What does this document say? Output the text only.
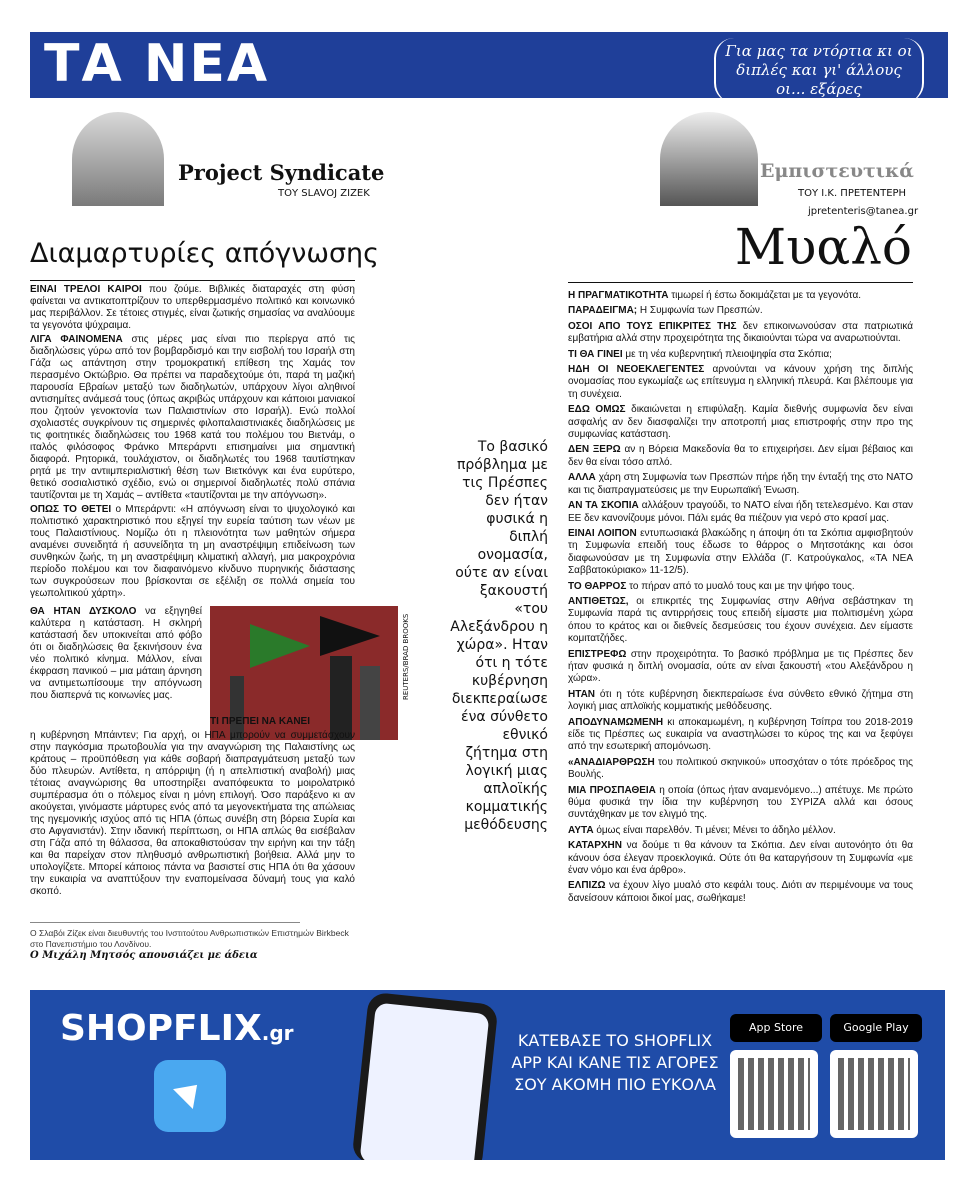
ΤΑ ΝΕΑ	Για μας τα ντόρτια κι οι διπλές και γι' άλλους οι... εξάρες
Project Syndicate
ΤΟΥ SLAVOJ ZIZEK
Διαμαρτυρίες απόγνωσης

ΕΙΝΑΙ ΤΡΕΛΟΙ ΚΑΙΡΟΙ που ζούμε. Βιβλικές διαταραχές στη φύση φαίνεται να αντικατοπτρίζουν το υπερθερμασμένο πολιτικό και κοινωνικό μας περιβάλλον. Σε τέτοιες στιγμές, είναι ζωτικής σημασίας να αναλύουμε τα γεγονότα ψύχραιμα.

ΛΙΓΑ ΦΑΙΝΟΜΕΝΑ στις μέρες μας είναι πιο περίεργα από τις διαδηλώσεις γύρω από τον βομβαρδισμό και την εισβολή του Ισραήλ στη Γάζα ως απάντηση στην τρομοκρατική επίθεση της Χαμάς τον περασμένο Οκτώβριο. Θα πρέπει να παραδεχτούμε ότι, παρά τη μαζική παρουσία Εβραίων μεταξύ των διαδηλωτών, υπάρχουν λίγοι αληθινοί αντισημίτες ανάμεσά τους (όπως ακριβώς υπάρχουν και κάποιοι μανιακοί που ζητούν γενοκτονία των Παλαιστινίων στο Ισραήλ). Ενώ πολλοί σχολιαστές συγκρίνουν τις σημερινές φιλοπαλαιστινιακές διαδηλώσεις με τις φοιτητικές διαδηλώσεις του 1968 κατά του πολέμου του Βιετνάμ, ο ιταλός φιλόσοφος Φράνκο Μπεράρντι επισημαίνει μια σημαντική διαφορά. Ρητορικά, τουλάχιστον, οι διαδηλωτές του 1968 ταυτίστηκαν ρητά με την αντιιμπεριαλιστική θέση των Βιετκόνγκ και ένα ευρύτερο, θετικό σοσιαλιστικό σχέδιο, ενώ οι σημερινοί διαδηλωτές πολύ σπάνια ταυτίζονται με τη Χαμάς – αντίθετα «ταυτίζονται με την απόγνωση».

ΟΠΩΣ ΤΟ ΘΕΤΕΙ ο Μπεράρντι: «Η απόγνωση είναι το ψυχολογικό και πολιτιστικό χαρακτηριστικό που εξηγεί την ευρεία ταύτιση των νέων με τους Παλαιστίνιους. Νομίζω ότι η πλειονότητα των μαθητών σήμερα αναμένει συνειδητά ή ασυνείδητα τη μη αναστρέψιμη επιδείνωση των συνθηκών ζωής, τη μη αναστρέψιμη κλιματική αλλαγή, μια μακροχρόνια περίοδο πολέμου και τον διαφαινόμενο κίνδυνο πυρηνικής διάστασης των συγκρούσεων που βρίσκονται σε εξέλιξη σε πολλά σημεία του γεωπολιτικού χάρτη».

ΘΑ ΗΤΑΝ ΔΥΣΚΟΛΟ να εξηγηθεί καλύτερα η κατάσταση. Η σκληρή κατάστασή δεν υποκινείται από φόβο ότι οι διαδηλώσεις θα ξεκινήσουν ένα νέο πολιτικό κίνημα. Μάλλον, είναι έκφραση πανικού – μια μάταιη άρνηση να αντιμετωπίσουμε την απόγνωση που διαπερνά τις κοινωνίες μας.	REUTERS/BRAD BROOKS

ΤΙ ΠΡΕΠΕΙ ΝΑ ΚΑΝΕΙ

η κυβέρνηση Μπάιντεν; Για αρχή, οι ΗΠΑ μπορούν να συμμετάσχουν στην παγκόσμια πρωτοβουλία για την αναγνώριση της Παλαιστίνης ως κράτους – προϋπόθεση για κάθε σοβαρή διαπραγμάτευση μεταξύ των δύο πλευρών. Αντίθετα, η απόρριψη (ή η απελπιστική αναβολή) μιας τέτοιας αναγνώρισης θα υποστηρίξει αναπόφευκτα το μοιρολατρικό συμπέρασμα ότι ο πόλεμος είναι η μόνη επιλογή. Όσο παράξενο κι αν ακούγεται, γινόμαστε μάρτυρες ενός από τα μεγονεκτήματα της απώλειας της ηγεμονικής ισχύος από τις ΗΠΑ (όπως συνέβη στη βόρεια Συρία και στο Αφγανιστάν). Στην ιδανική περίπτωση, οι ΗΠΑ απλώς θα εισέβαλαν στη Γάζα από τη θάλασσα, θα αποκαθιστούσαν την ειρήνη και την τάξη και θα παρείχαν στον πληθυσμό ανθρωπιστική βοήθεια. Αλλά μην το υπολογίζετε. Μπορεί κάποιος πάντα να βασιστεί στις ΗΠΑ ότι θα χάσουν την ευκαιρία να αναπτύξουν την εναπομείνασα δύναμή τους για καλό σκοπό.

Ο Σλαβόι Ζίζεκ είναι διευθυντής του Ινστιτούτου Ανθρωπιστικών Επιστημών Birkbeck στο Πανεπιστήμιο του Λονδίνου.
Ο Μιχάλη Μητσός απουσιάζει με άδεια
Το βασικό πρόβλημα με τις Πρέσπες δεν ήταν φυσικά η διπλή ονομασία, ούτε αν είναι ξακουστή «του Αλεξάνδρου η χώρα». Ηταν ότι η τότε κυβέρνηση διεκπεραίωσε ένα σύνθετο εθνικό ζήτημα στη λογική μιας απλοϊκής κομματικής μεθόδευσης
Εμπιστευτικά
ΤΟΥ Ι.Κ. ΠΡΕΤΕΝΤΕΡΗ
jpretenteris@tanea.gr
Μυαλό

Η ΠΡΑΓΜΑΤΙΚΟΤΗΤΑ τιμωρεί ή έστω δοκιμάζεται με τα γεγονότα.

ΠΑΡΑΔΕΙΓΜΑ; Η Συμφωνία των Πρεσπών.

ΟΣΟΙ ΑΠΟ ΤΟΥΣ ΕΠΙΚΡΙΤΕΣ ΤΗΣ δεν επικοινωνούσαν στα πατριωτικά εμβατήρια αλλά στην προχειρότητα της δικαιούνται τώρα να αναρωτιούνται.

ΤΙ ΘΑ ΓΙΝΕΙ με τη νέα κυβερνητική πλειοψηφία στα Σκόπια;

ΗΔΗ ΟΙ ΝΕΟΕΚΛΕΓΕΝΤΕΣ αρνούνται να κάνουν χρήση της διπλής ονομασίας που εγκωμίαζε ως επίτευγμα η ελληνική πλευρά. Και βλέπουμε για τη συνέχεια.

ΕΔΩ ΟΜΩΣ δικαιώνεται η επιφύλαξη. Καμία διεθνής συμφωνία δεν είναι ασφαλής αν δεν διασφαλίζει την αποτροπή μιας επιστροφής στην προ της συμφωνίας κατάσταση.

ΔΕΝ ΞΕΡΩ αν η Βόρεια Μακεδονία θα το επιχειρήσει. Δεν είμαι βέβαιος και δεν θα είναι τόσο απλό.

ΑΛΛΑ χάρη στη Συμφωνία των Πρεσπών πήρε ήδη την ένταξή της στο ΝΑΤΟ και τις διαπραγματεύσεις με την Ευρωπαϊκή Ένωση.

ΑΝ ΤΑ ΣΚΟΠΙΑ αλλάξουν τραγούδι, το ΝΑΤΟ είναι ήδη τετελεσμένο. Και σταν ΕΕ δεν κανονίζουμε μόνοι. Πάλι εμάς θα πιέζουν για νερό στο κρασί μας.

ΕΙΝΑΙ ΛΟΙΠΟΝ εντυπωσιακά βλακώδης η άποψη ότι τα Σκόπια αμφισβητούν τη Συμφωνία επειδή τους έδωσε το θάρρος ο Μητσοτάκης και όσοι διαφωνούσαν με τη Συμφωνία στην Ελλάδα (Γ. Κατρούγκαλος, «ΤΑ ΝΕΑ Σαββατοκύριακο» 11-12/5).

ΤΟ ΘΑΡΡΟΣ το πήραν από το μυαλό τους και με την ψήφο τους.

ΑΝΤΙΘΕΤΩΣ, οι επικριτές της Συμφωνίας στην Αθήνα σεβάστηκαν τη Συμφωνία παρά τις αντιρρήσεις τους επειδή είμαστε μια πολιτισμένη χώρα όπου το κράτος και οι διεθνείς δεσμεύσεις του έχουν συνέχεια. Δεν είμαστε κομιτατζήδες.

ΕΠΙΣΤΡΕΦΩ στην προχειρότητα. Το βασικό πρόβλημα με τις Πρέσπες δεν ήταν φυσικά η διπλή ονομασία, ούτε αν είναι ξακουστή «του Αλεξάνδρου η χώρα».

ΗΤΑΝ ότι η τότε κυβέρνηση διεκπεραίωσε ένα σύνθετο εθνικό ζήτημα στη λογική μιας απλοϊκής κομματικής μεθόδευσης.

ΑΠΟΔΥΝΑΜΩΜΕΝΗ κι αποκαμωμένη, η κυβέρνηση Τσίπρα του 2018-2019 είδε τις Πρέσπες ως ευκαιρία να αναστηλώσει το κύρος της και να ξεφύγει από την εσωτερική απομόνωση.

«ΑΝΑΔΙΑΡΘΡΩΣΗ του πολιτικού σκηνικού» υποσχόταν ο τότε πρόεδρος της Βουλής.

ΜΙΑ ΠΡΟΣΠΑΘΕΙΑ η οποία (όπως ήταν αναμενόμενο...) απέτυχε. Με πρώτο θύμα φυσικά την ίδια την κυβέρνηση του ΣΥΡΙΖΑ αλλά και όσους συντάχθηκαν με τον ελιγμό της.

ΑΥΤΑ όμως είναι παρελθόν. Τι μένει; Μένει το άδηλο μέλλον.

ΚΑΤΑΡΧΗΝ να δούμε τι θα κάνουν τα Σκόπια. Δεν είναι αυτονόητο ότι θα κάνουν όσα έλεγαν προεκλογικά. Ούτε ότι θα καταργήσουν τη Συμφωνία «με έναν νόμο και ένα άρθρο».

ΕΛΠΙΖΩ να έχουν λίγο μυαλό στο κεφάλι τους. Διότι αν περιμένουμε να τους δανείσουν κάποιοι δικοί μας, σωθήκαμε!

SHOPFLIX.gr	ΚΑΤΕΒΑΣΕ ΤΟ SHOPFLIX APP ΚΑΙ ΚΑΝΕ ΤΙΣ ΑΓΟΡΕΣ ΣΟΥ ΑΚΟΜΗ ΠΙΟ ΕΥΚΟΛΑ
App Store	Google Play
